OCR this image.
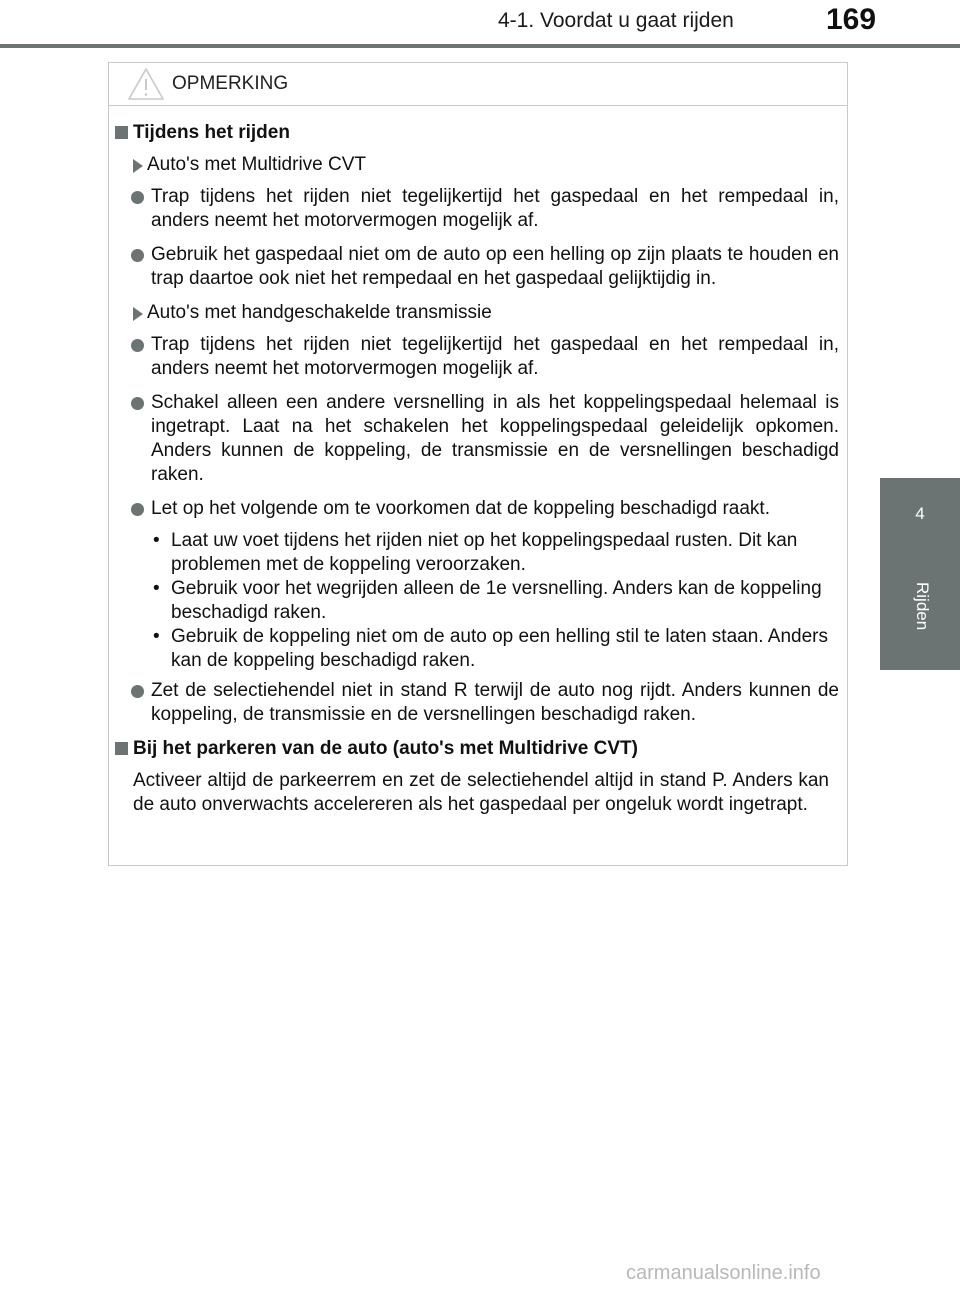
4-1. Voordat u gaat rijden	169
4
Rijden
OPMERKING
Tijdens het rijden
Auto's met Multidrive CVT
Trap tijdens het rijden niet tegelijkertijd het gaspedaal en het rempedaal in, anders neemt het motorvermogen mogelijk af.
Gebruik het gaspedaal niet om de auto op een helling op zijn plaats te houden en trap daartoe ook niet het rempedaal en het gaspedaal gelijktijdig in.
Auto's met handgeschakelde transmissie
Trap tijdens het rijden niet tegelijkertijd het gaspedaal en het rempedaal in, anders neemt het motorvermogen mogelijk af.
Schakel alleen een andere versnelling in als het koppelingspedaal helemaal is ingetrapt. Laat na het schakelen het koppelingspedaal geleidelijk opkomen. Anders kunnen de koppeling, de transmissie en de versnellingen beschadigd raken.
Let op het volgende om te voorkomen dat de koppeling beschadigd raakt.
• Laat uw voet tijdens het rijden niet op het koppelingspedaal rusten. Dit kan problemen met de koppeling veroorzaken.
• Gebruik voor het wegrijden alleen de 1e versnelling. Anders kan de koppeling beschadigd raken.
• Gebruik de koppeling niet om de auto op een helling stil te laten staan. Anders kan de koppeling beschadigd raken.
Zet de selectiehendel niet in stand R terwijl de auto nog rijdt. Anders kunnen de koppeling, de transmissie en de versnellingen beschadigd raken.
Bij het parkeren van de auto (auto's met Multidrive CVT)
Activeer altijd de parkeerrem en zet de selectiehendel altijd in stand P. Anders kan de auto onverwachts accelereren als het gaspedaal per ongeluk wordt ingetrapt.
carmanualsonline.info
